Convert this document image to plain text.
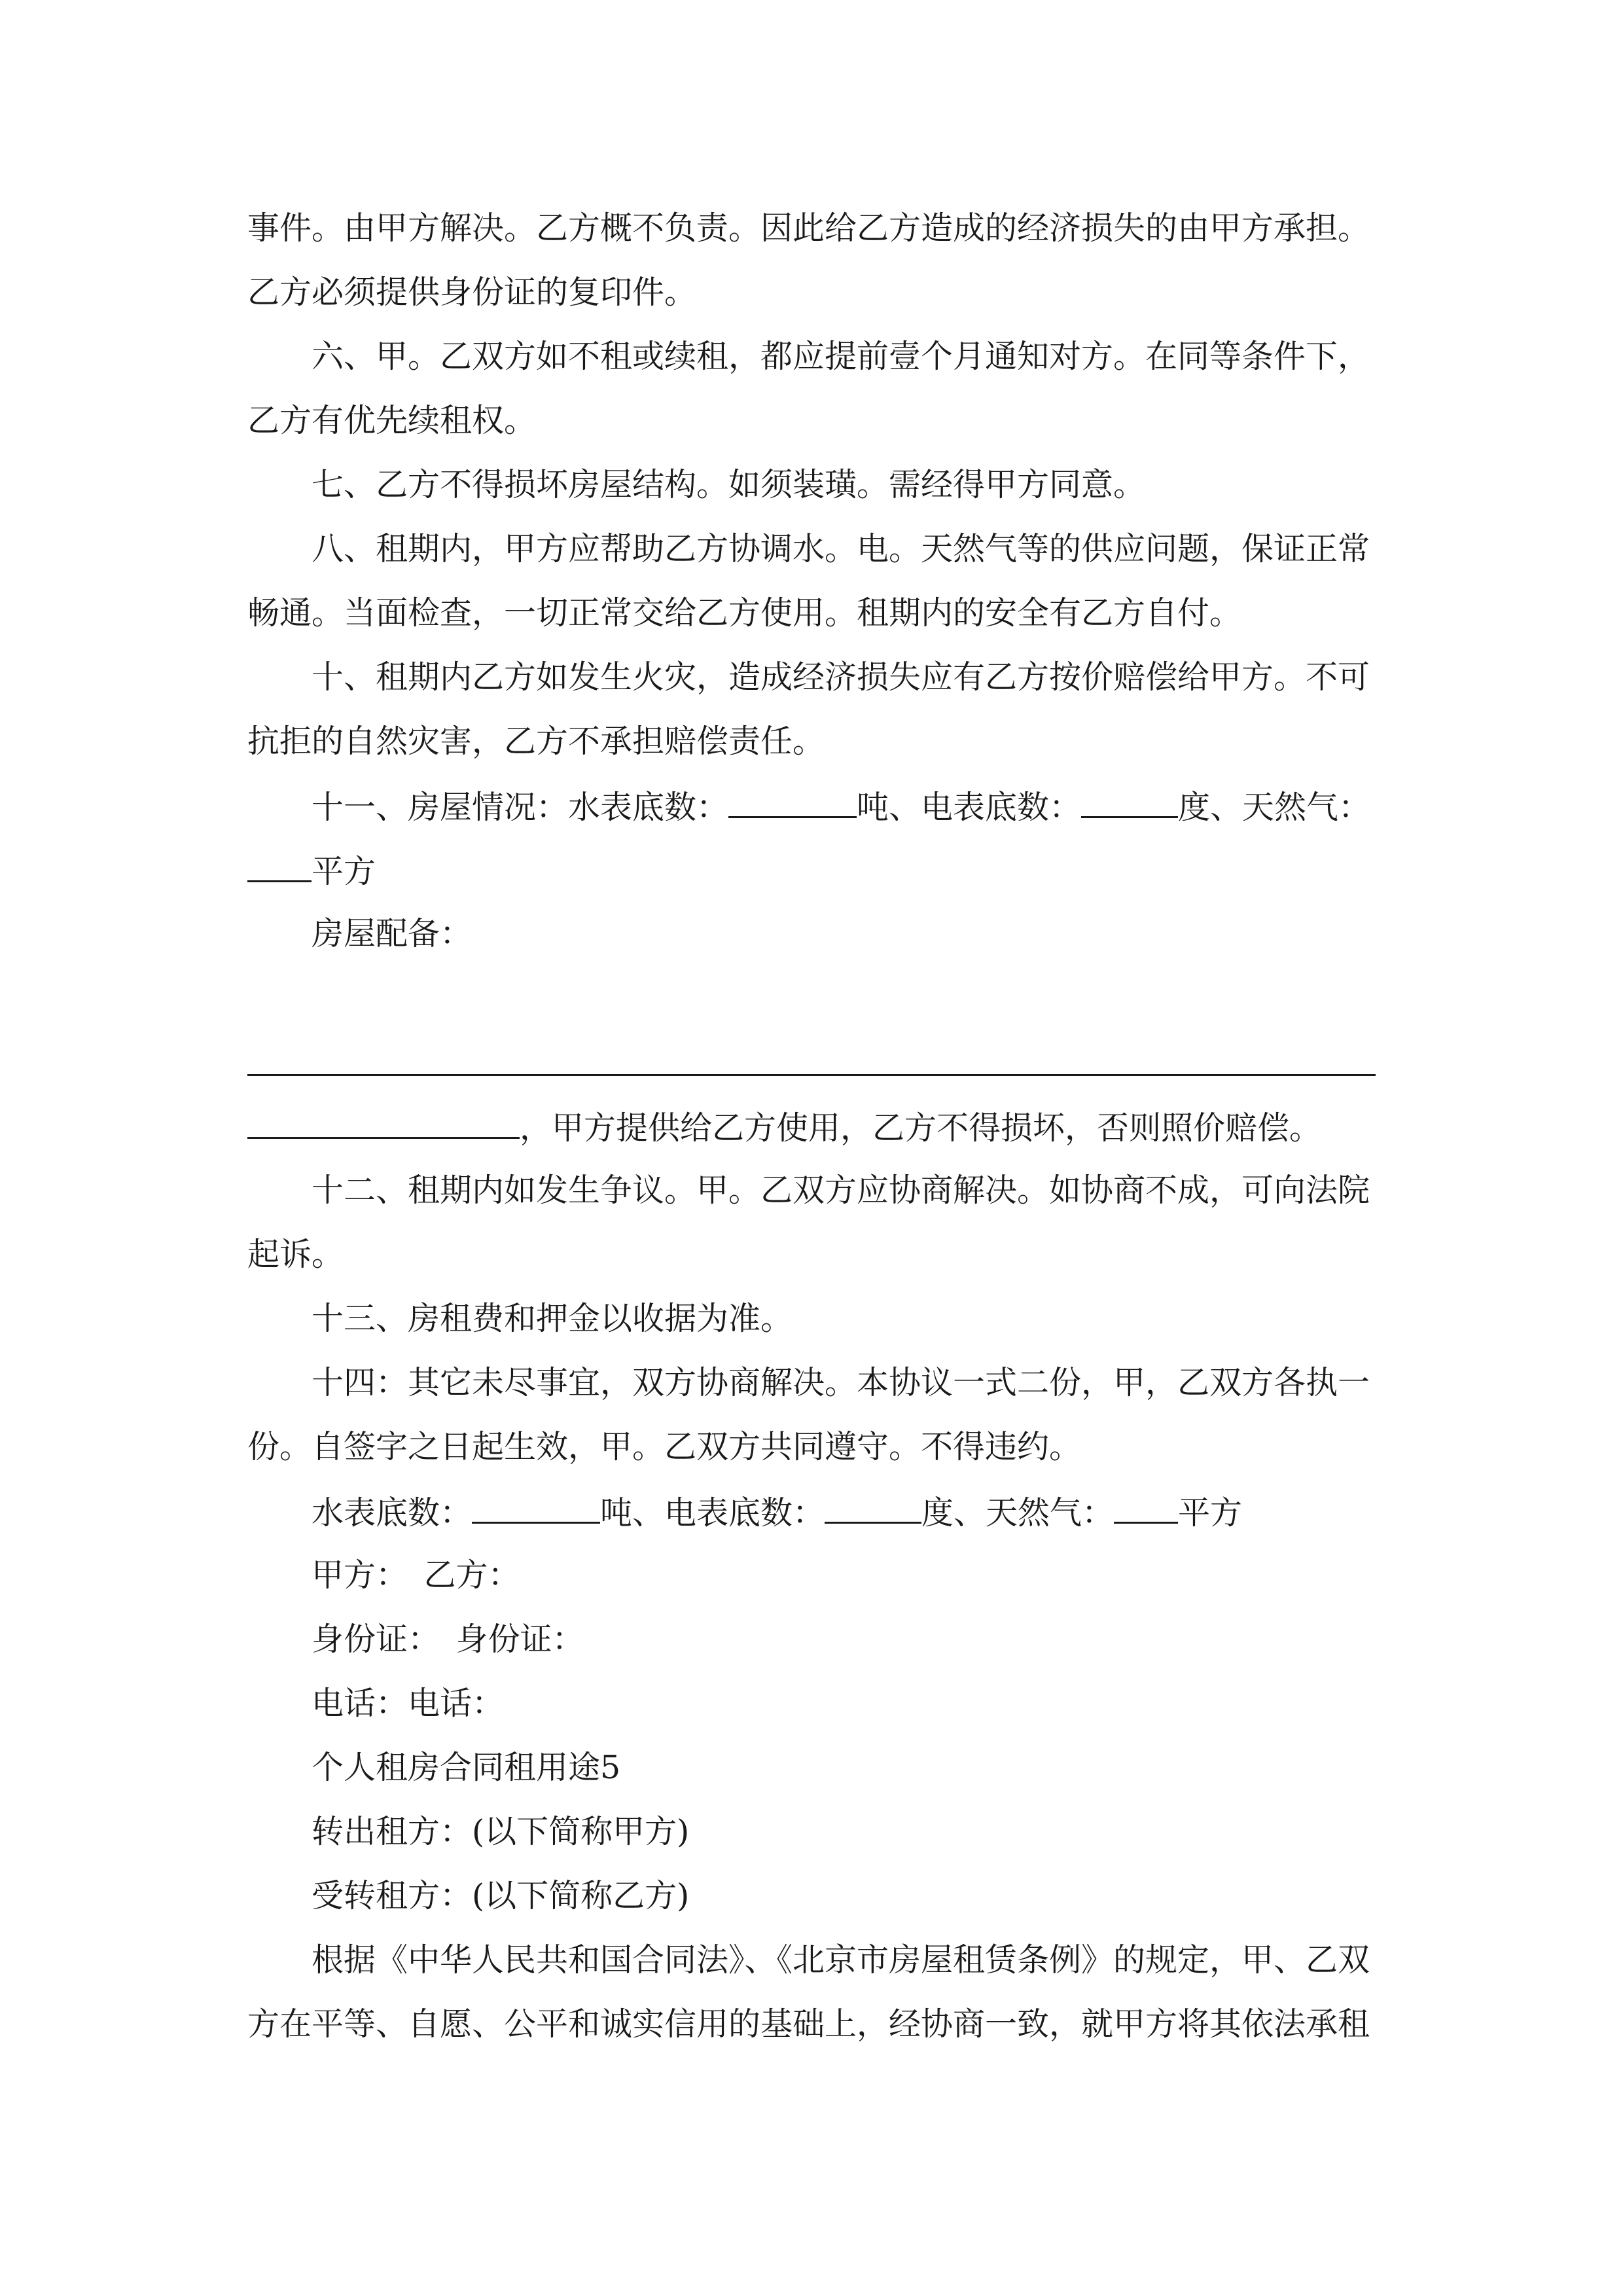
事件。由甲方解决。乙方概不负责。因此给乙方造成的经济损失的由甲方承担。

乙方必须提供身份证的复印件。

六、甲。乙双方如不租或续租，都应提前壹个月通知对方。在同等条件下，

乙方有优先续租权。

七、乙方不得损坏房屋结构。如须装璜。需经得甲方同意。

八、租期内，甲方应帮助乙方协调水。电。天然气等的供应问题，保证正常

畅通。当面检查，一切正常交给乙方使用。租期内的安全有乙方自付。

十、租期内乙方如发生火灾，造成经济损失应有乙方按价赔偿给甲方。不可

抗拒的自然灾害，乙方不承担赔偿责任。

十一、房屋情况：水表底数：	吨、电表底数：	度、天然气：

平方

房屋配备：

，甲方提供给乙方使用，乙方不得损坏，否则照价赔偿。

十二、租期内如发生争议。甲。乙双方应协商解决。如协商不成，可向法院

起诉。

十三、房租费和押金以收据为准。

十四：其它未尽事宜，双方协商解决。本协议一式二份，甲，乙双方各执一

份。自签字之日起生效，甲。乙双方共同遵守。不得违约。

水表底数：	吨、电表底数：	度、天然气： 平方

甲方：　乙方：

身份证：　身份证：

电话：电话：

个人租房合同租用途5

转出租方：(以下简称甲方)

受转租方：(以下简称乙方)

根据《中华人民共和国合同法》、《北京市房屋租赁条例》的规定，甲、乙双

方在平等、自愿、公平和诚实信用的基础上，经协商一致，就甲方将其依法承租
